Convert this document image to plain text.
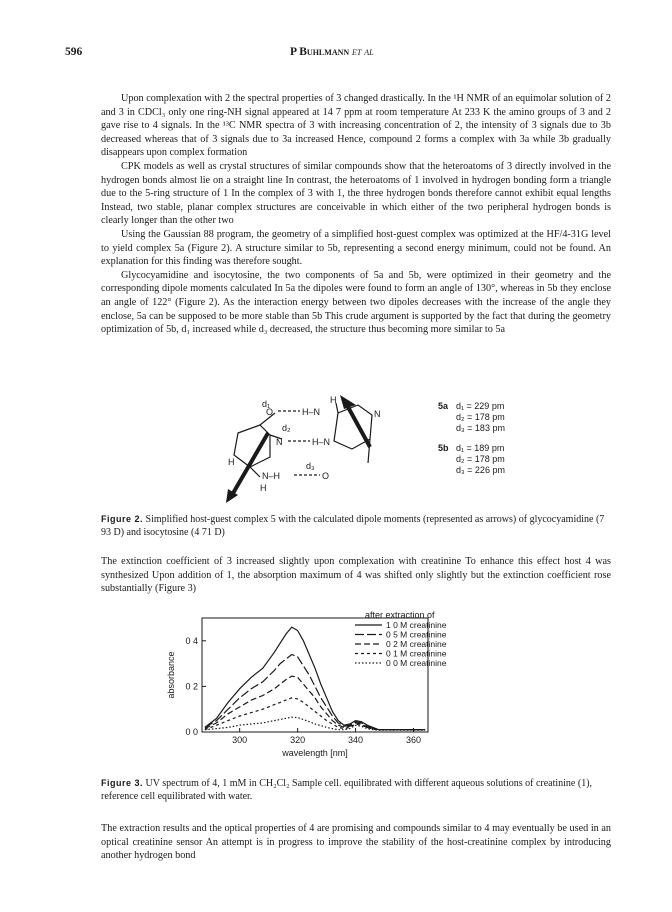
596	P Buhlmann et al

Upon complexation with 2 the spectral properties of 3 changed drastically. In the ¹H NMR of an equimolar solution of 2 and 3 in CDCl₃ only one ring-NH signal appeared at 14 7 ppm at room temperature At 233 K the amino groups of 3 and 2 gave rise to 4 signals. In the ¹³C NMR spectra of 3 with increasing concentration of 2, the intensity of 3 signals due to 3b decreased whereas that of 3 signals due to 3a increased Hence, compound 2 forms a complex with 3a while 3b gradually disappears upon complex formation

CPK models as well as crystal structures of similar compounds show that the heteroatoms of 3 directly involved in the hydrogen bonds almost lie on a straight line In contrast, the heteroatoms of 1 involved in hydrogen bonding form a triangle due to the 5-ring structure of 1 In the complex of 3 with 1, the three hydrogen bonds therefore cannot exhibit equal lengths Instead, two stable, planar complex structures are conceivable in which either of the two peripheral hydrogen bonds is clearly longer than the other two

Using the Gaussian 88 program, the geometry of a simplified host-guest complex was optimized at the HF/4-31G level to yield complex 5a (Figure 2). A structure similar to 5b, representing a second energy minimum, could not be found. An explanation for this finding was therefore sought.

Glycocyamidine and isocytosine, the two components of 5a and 5b, were optimized in their geometry and the corresponding dipole moments calculated In 5a the dipoles were found to form an angle of 130°, whereas in 5b they enclose an angle of 122° (Figure 2). As the interaction energy between two dipoles decreases with the increase of the angle they enclose, 5a can be supposed to be more stable than 5b This crude argument is supported by the fact that during the geometry optimization of 5b, d₁ increased while d₃ decreased, the structure thus becoming more similar to 5a

d₁
O	H–N
H
N
d₂
N	H–N
H	d₃
N–H	O
H
5a d₁ = 229 pm
d₂ = 178 pm
d₃ = 183 pm
5b d₁ = 189 pm
d₂ = 178 pm
d₃ = 226 pm
Figure 2. Simplified host-guest complex 5 with the calculated dipole moments (represented as arrows) of glycocyamidine (7 93 D) and isocytosine (4 71 D)
The extinction coefficient of 3 increased slightly upon complexation with creatinine To enhance this effect host 4 was synthesized Upon addition of 1, the absorption maximum of 4 was shifted only slightly but the extinction coefficient rose substantially (Figure 3)
300	320	340	360
0 0
0 2
0 4
1 0 M creatinine
0 5 M creatinine
0 2 M creatinine
0 1 M creatinine
0 0 M creatinine
absorbance
wavelength [nm]
after extraction of
Figure 3. UV spectrum of 4, 1 mM in CH₂Cl₂ Sample cell. equilibrated with different aqueous solutions of creatinine (1), reference cell equilibrated with water.
The extraction results and the optical properties of 4 are promising and compounds similar to 4 may eventually be used in an optical creatinine sensor An attempt is in progress to improve the stability of the host-creatinine complex by introducing another hydrogen bond
